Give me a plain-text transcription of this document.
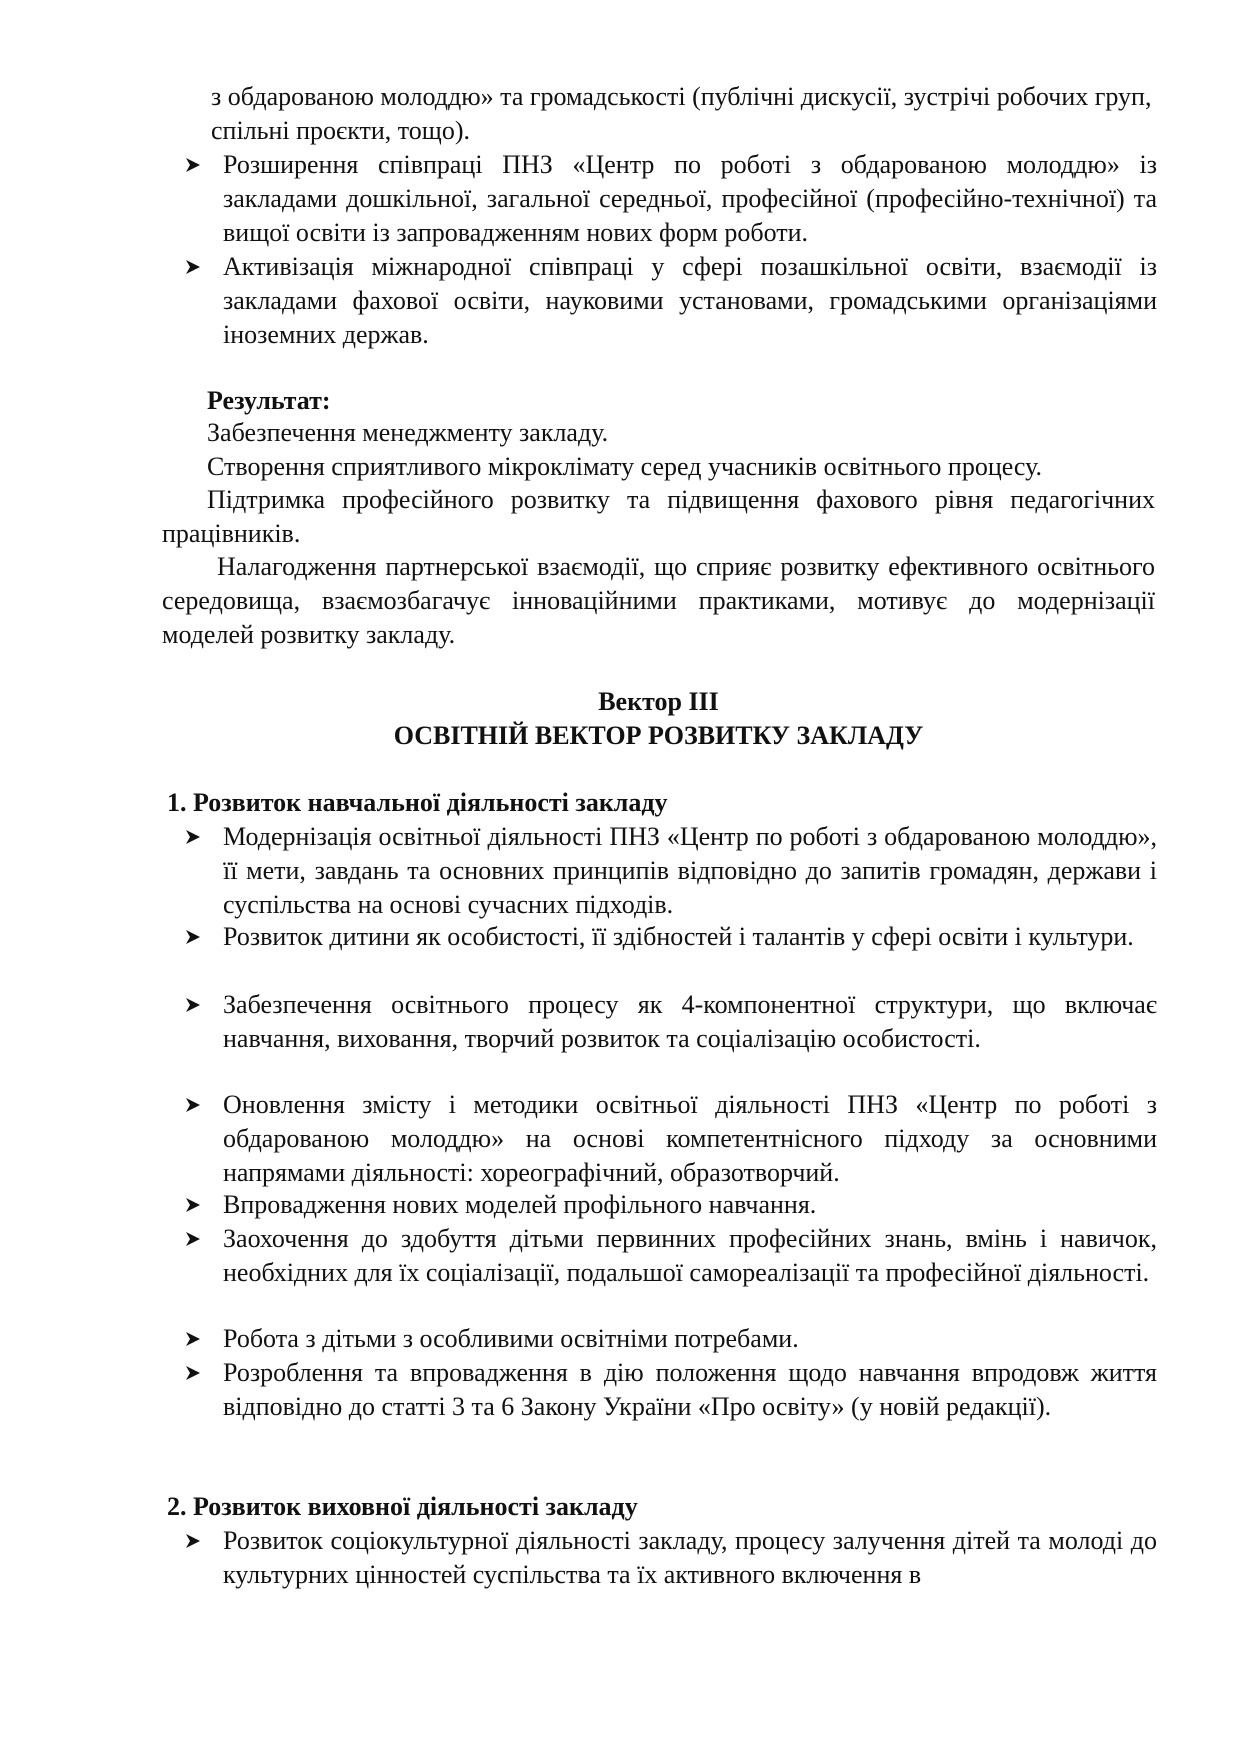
з обдарованою молоддю» та громадськості (публічні дискусії, зустрічі робочих груп, спільні проєкти, тощо).
Розширення співпраці ПНЗ «Центр по роботі з обдарованою молоддю» із закладами дошкільної, загальної середньої, професійної (професійно-технічної) та вищої освіти із запровадженням нових форм роботи.
Активізація міжнародної співпраці у сфері позашкільної освіти, взаємодії із закладами фахової освіти, науковими установами, громадськими організаціями іноземних держав.
Результат:
Забезпечення менеджменту закладу.
Створення сприятливого мікроклімату серед учасників освітнього процесу.
Підтримка професійного розвитку та підвищення фахового рівня педагогічних працівників.
Налагодження партнерської взаємодії, що сприяє розвитку ефективного освітнього середовища, взаємозбагачує інноваційними практиками, мотивує до модернізації моделей розвитку закладу.
Вектор ІІІ
ОСВІТНІЙ ВЕКТОР РОЗВИТКУ ЗАКЛАДУ
1. Розвиток навчальної діяльності закладу
Модернізація освітньої діяльності ПНЗ «Центр по роботі з обдарованою молоддю», її мети, завдань та основних принципів відповідно до запитів громадян, держави і суспільства на основі сучасних підходів.
Розвиток дитини як особистості, її здібностей і талантів у сфері освіти і культури.
Забезпечення освітнього процесу як 4-компонентної структури, що включає навчання, виховання, творчий розвиток та соціалізацію особистості.
Оновлення змісту і методики освітньої діяльності ПНЗ «Центр по роботі з обдарованою молоддю» на основі компетентнісного підходу за основними напрямами діяльності: хореографічний, образотворчий.
Впровадження нових моделей профільного навчання.
Заохочення до здобуття дітьми первинних професійних знань, вмінь і навичок, необхідних для їх соціалізації, подальшої самореалізації та професійної діяльності.
Робота з дітьми з особливими освітніми потребами.
Розроблення та впровадження в дію положення щодо навчання впродовж життя відповідно до статті 3 та 6 Закону України «Про освіту» (у новій редакції).
2. Розвиток виховної діяльності закладу
Розвиток соціокультурної діяльності закладу, процесу залучення дітей та молоді до культурних цінностей суспільства та їх активного включення в
